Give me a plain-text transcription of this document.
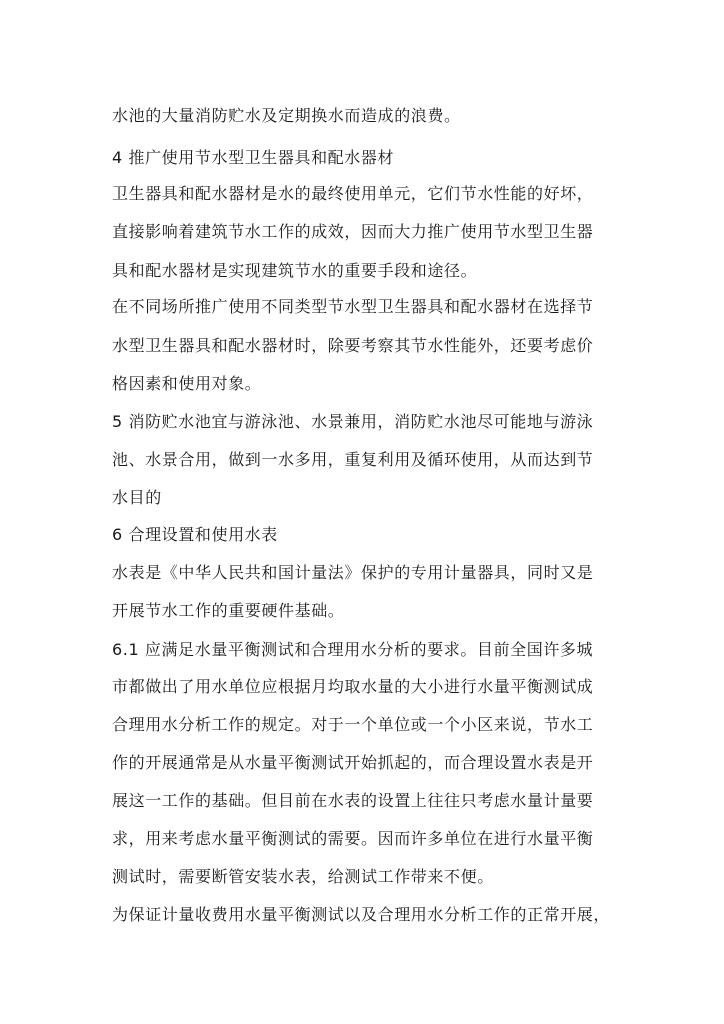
水池的大量消防贮水及定期换水而造成的浪费。
4 推广使用节水型卫生器具和配水器材
卫生器具和配水器材是水的最终使用单元，它们节水性能的好坏，
直接影响着建筑节水工作的成效，因而大力推广使用节水型卫生器
具和配水器材是实现建筑节水的重要手段和途径。
在不同场所推广使用不同类型节水型卫生器具和配水器材在选择节
水型卫生器具和配水器材时，除要考察其节水性能外，还要考虑价
格因素和使用对象。
5 消防贮水池宜与游泳池、水景兼用，消防贮水池尽可能地与游泳
池、水景合用，做到一水多用，重复利用及循环使用，从而达到节
水目的
6 合理设置和使用水表
水表是《中华人民共和国计量法》保护的专用计量器具，同时又是
开展节水工作的重要硬件基础。
6.1 应满足水量平衡测试和合理用水分析的要求。目前全国许多城
市都做出了用水单位应根据月均取水量的大小进行水量平衡测试成
合理用水分析工作的规定。对于一个单位或一个小区来说，节水工
作的开展通常是从水量平衡测试开始抓起的，而合理设置水表是开
展这一工作的基础。但目前在水表的设置上往往只考虑水量计量要
求，用来考虑水量平衡测试的需要。因而许多单位在进行水量平衡
测试时，需要断管安装水表，给测试工作带来不便。
为保证计量收费用水量平衡测试以及合理用水分析工作的正常开展，
